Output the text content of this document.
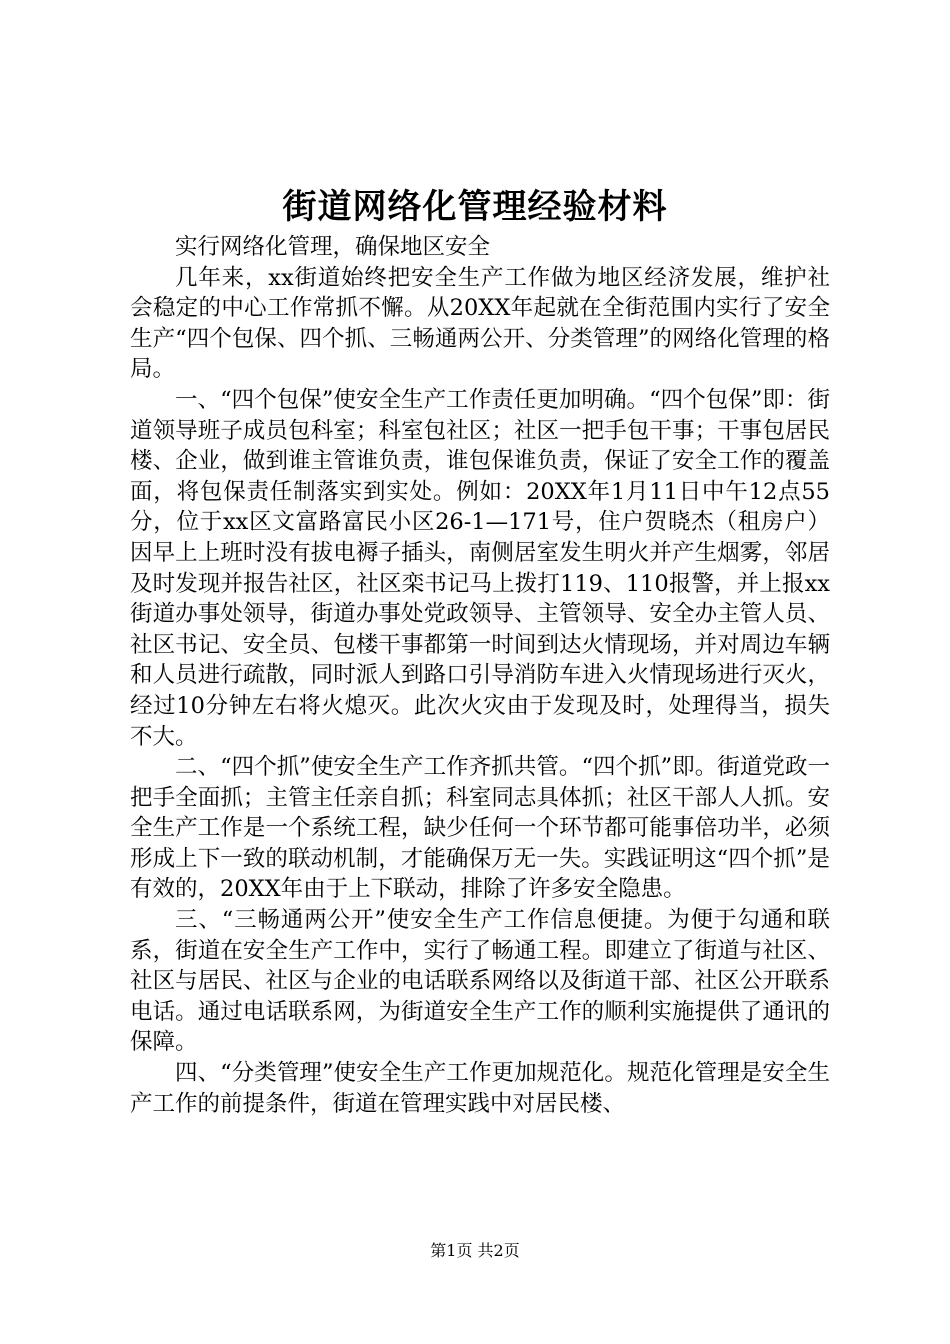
街道网络化管理经验材料

实行网络化管理，确保地区安全

几年来，xx街道始终把安全生产工作做为地区经济发展，维护社会稳定的中心工作常抓不懈。从20XX年起就在全街范围内实行了安全生产“四个包保、四个抓、三畅通两公开、分类管理”的网络化管理的格局。

一、“四个包保”使安全生产工作责任更加明确。“四个包保”即：街道领导班子成员包科室；科室包社区；社区一把手包干事；干事包居民楼、企业，做到谁主管谁负责，谁包保谁负责，保证了安全工作的覆盖面，将包保责任制落实到实处。例如：20XX年1月11日中午12点55分，位于xx区文富路富民小区26-1—171号，住户贺晓杰（租房户）因早上上班时没有拔电褥子插头，南侧居室发生明火并产生烟雾，邻居及时发现并报告社区，社区栾书记马上拨打119、110报警，并上报xx街道办事处领导，街道办事处党政领导、主管领导、安全办主管人员、社区书记、安全员、包楼干事都第一时间到达火情现场，并对周边车辆和人员进行疏散，同时派人到路口引导消防车进入火情现场进行灭火，经过10分钟左右将火熄灭。此次火灾由于发现及时，处理得当，损失不大。

二、“四个抓”使安全生产工作齐抓共管。“四个抓”即。街道党政一把手全面抓；主管主任亲自抓；科室同志具体抓；社区干部人人抓。安全生产工作是一个系统工程，缺少任何一个环节都可能事倍功半，必须形成上下一致的联动机制，才能确保万无一失。实践证明这“四个抓”是有效的，20XX年由于上下联动，排除了许多安全隐患。

三、“三畅通两公开”使安全生产工作信息便捷。为便于勾通和联系，街道在安全生产工作中，实行了畅通工程。即建立了街道与社区、社区与居民、社区与企业的电话联系网络以及街道干部、社区公开联系电话。通过电话联系网，为街道安全生产工作的顺利实施提供了通讯的保障。

四、“分类管理”使安全生产工作更加规范化。规范化管理是安全生产工作的前提条件，街道在管理实践中对居民楼、

第1页 共2页
